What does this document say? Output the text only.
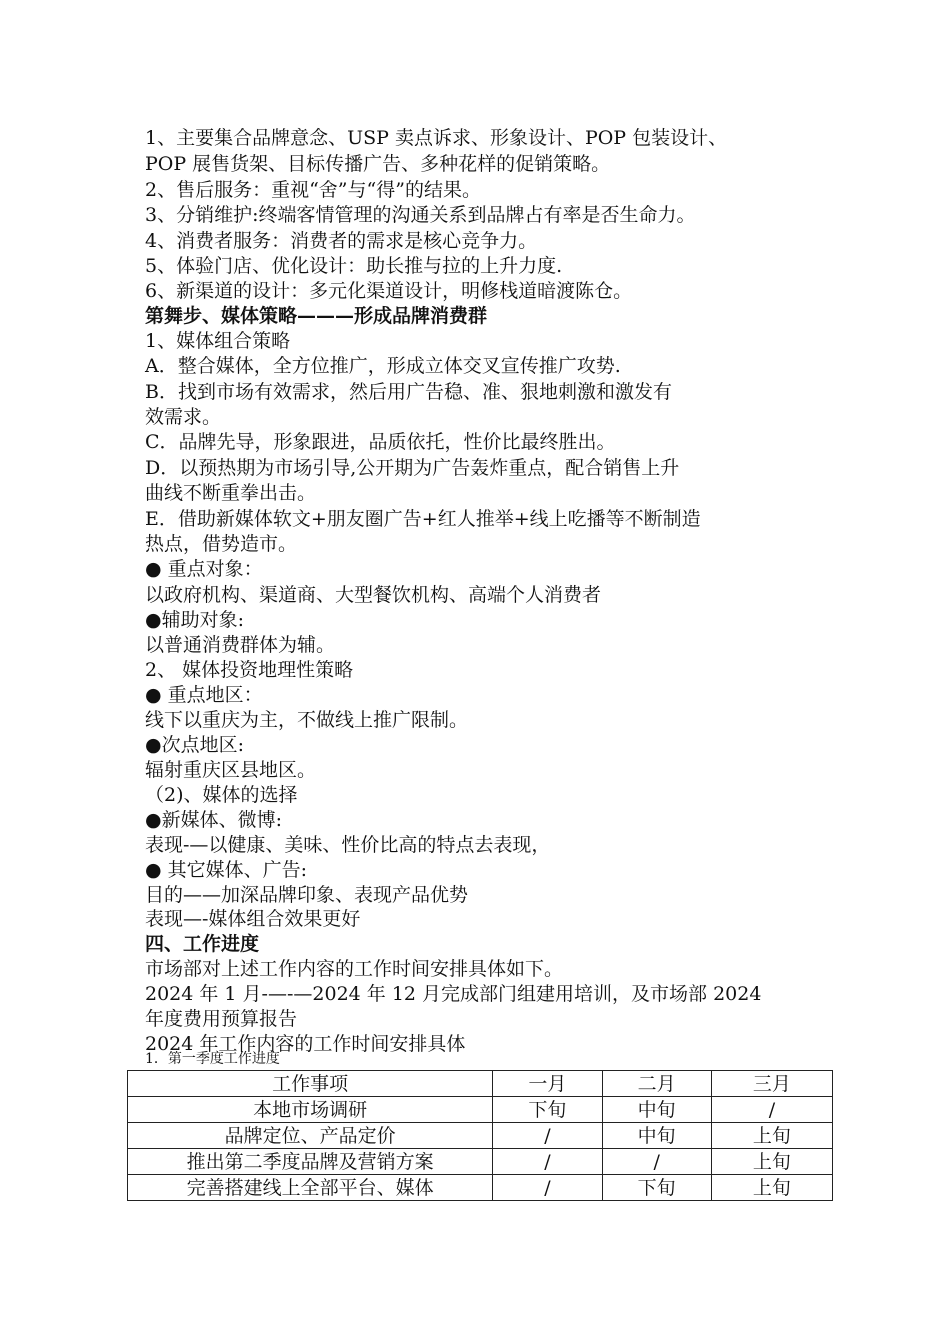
1、主要集合品牌意念、USP 卖点诉求、形象设计、POP 包装设计、
POP 展售货架、目标传播广告、多种花样的促销策略。
2、售后服务：重视“舍”与“得”的结果。
3、分销维护:终端客情管理的沟通关系到品牌占有率是否生命力。
4、消费者服务：消费者的需求是核心竞争力。
5、体验门店、优化设计：助长推与拉的上升力度.
6、新渠道的设计：多元化渠道设计，明修栈道暗渡陈仓。
第舞步、媒体策略———形成品牌消费群
1、媒体组合策略
A．整合媒体，全方位推广，形成立体交叉宣传推广攻势.
B．找到市场有效需求，然后用广告稳、准、狠地刺激和激发有
效需求。
C．品牌先导，形象跟进，品质依托，性价比最终胜出。
D．以预热期为市场引导,公开期为广告轰炸重点，配合销售上升
曲线不断重拳出击。
E．借助新媒体软文+朋友圈广告+红人推举+线上吃播等不断制造
热点，借势造市。
● 重点对象：
以政府机构、渠道商、大型餐饮机构、高端个人消费者
●辅助对象:
以普通消费群体为辅。
2、 媒体投资地理性策略
● 重点地区：
线下以重庆为主，不做线上推广限制。
●次点地区:
辐射重庆区县地区。
（2)、媒体的选择
●新媒体、微博:
表现-—以健康、美味、性价比高的特点去表现，
● 其它媒体、广告:
目的——加深品牌印象、表现产品优势
表现—-媒体组合效果更好
四、工作进度
市场部对上述工作内容的工作时间安排具体如下。
2024 年 1 月-—-—2024 年 12 月完成部门组建用培训，及市场部 2024
年度费用预算报告
2024 年工作内容的工作时间安排具体
1．第一季度工作进度
工作事项	一月	二月	三月
本地市场调研	下旬	中旬	/
品牌定位、产品定价	/	中旬	上旬
推出第二季度品牌及营销方案	/	/	上旬
完善搭建线上全部平台、媒体	/	下旬	上旬
